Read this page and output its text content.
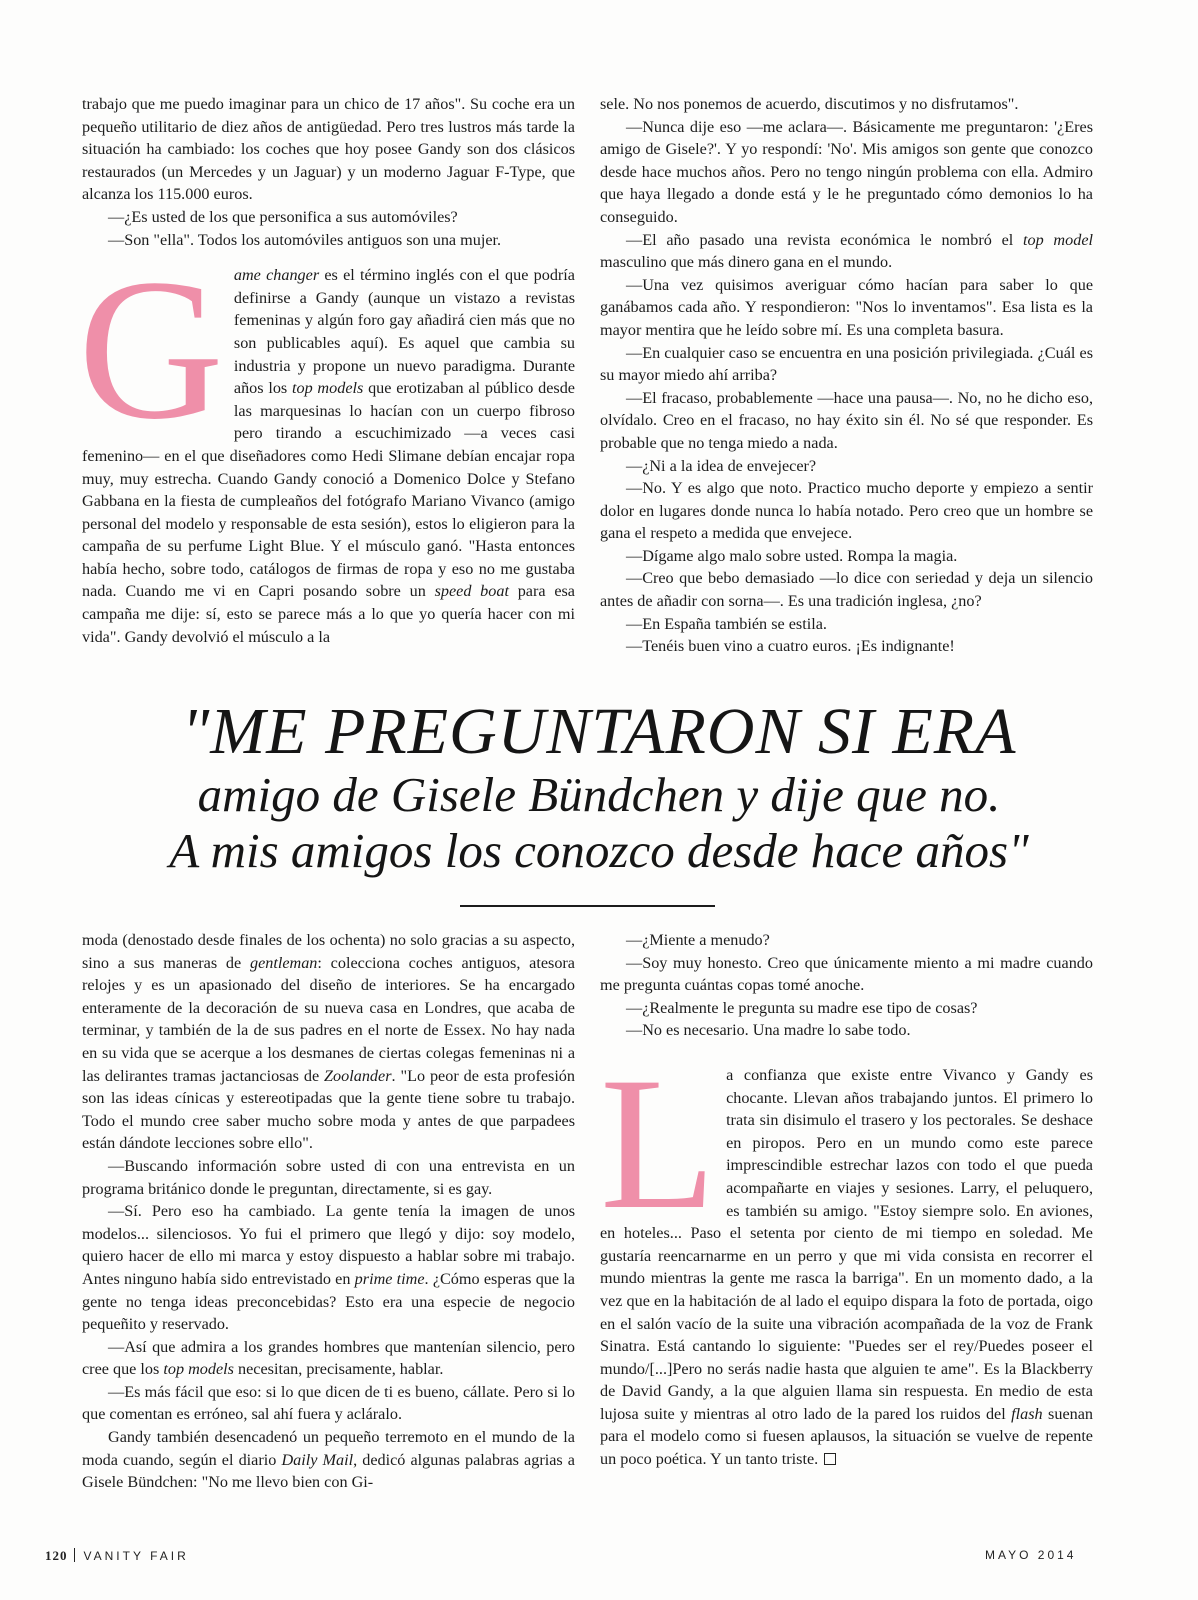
trabajo que me puedo imaginar para un chico de 17 años". Su coche era un pequeño utilitario de diez años de antigüedad. Pero tres lustros más tarde la situación ha cambiado: los coches que hoy posee Gandy son dos clásicos restaurados (un Mercedes y un Jaguar) y un moderno Jaguar F-Type, que alcanza los 115.000 euros.

—¿Es usted de los que personifica a sus automóviles?

—Son "ella". Todos los automóviles antiguos son una mujer.

Game changer es el término inglés con el que podría definirse a Gandy (aunque un vistazo a revistas femeninas y algún foro gay añadirá cien más que no son publicables aquí). Es aquel que cambia su industria y propone un nuevo paradigma. Durante años los top models que erotizaban al público desde las marquesinas lo hacían con un cuerpo fibroso pero tirando a escuchimizado —a veces casi femenino— en el que diseñadores como Hedi Slimane debían encajar ropa muy, muy estrecha. Cuando Gandy conoció a Domenico Dolce y Stefano Gabbana en la fiesta de cumpleaños del fotógrafo Mariano Vivanco (amigo personal del modelo y responsable de esta sesión), estos lo eligieron para la campaña de su perfume Light Blue. Y el músculo ganó. "Hasta entonces había hecho, sobre todo, catálogos de firmas de ropa y eso no me gustaba nada. Cuando me vi en Capri posando sobre un speed boat para esa campaña me dije: sí, esto se parece más a lo que yo quería hacer con mi vida". Gandy devolvió el músculo a la

sele. No nos ponemos de acuerdo, discutimos y no disfrutamos".

—Nunca dije eso —me aclara—. Básicamente me preguntaron: '¿Eres amigo de Gisele?'. Y yo respondí: 'No'. Mis amigos son gente que conozco desde hace muchos años. Pero no tengo ningún problema con ella. Admiro que haya llegado a donde está y le he preguntado cómo demonios lo ha conseguido.

—El año pasado una revista económica le nombró el top model masculino que más dinero gana en el mundo.

—Una vez quisimos averiguar cómo hacían para saber lo que ganábamos cada año. Y respondieron: "Nos lo inventamos". Esa lista es la mayor mentira que he leído sobre mí. Es una completa basura.

—En cualquier caso se encuentra en una posición privilegiada. ¿Cuál es su mayor miedo ahí arriba?

—El fracaso, probablemente —hace una pausa—. No, no he dicho eso, olvídalo. Creo en el fracaso, no hay éxito sin él. No sé que responder. Es probable que no tenga miedo a nada.

—¿Ni a la idea de envejecer?

—No. Y es algo que noto. Practico mucho deporte y empiezo a sentir dolor en lugares donde nunca lo había notado. Pero creo que un hombre se gana el respeto a medida que envejece.

—Dígame algo malo sobre usted. Rompa la magia.

—Creo que bebo demasiado —lo dice con seriedad y deja un silencio antes de añadir con sorna—. Es una tradición inglesa, ¿no?

—En España también se estila.

—Tenéis buen vino a cuatro euros. ¡Es indignante!

"ME PREGUNTARON SI ERA
amigo de Gisele Bündchen y dije que no.
A mis amigos los conozco desde hace años"

moda (denostado desde finales de los ochenta) no solo gracias a su aspecto, sino a sus maneras de gentleman: colecciona coches antiguos, atesora relojes y es un apasionado del diseño de interiores. Se ha encargado enteramente de la decoración de su nueva casa en Londres, que acaba de terminar, y también de la de sus padres en el norte de Essex. No hay nada en su vida que se acerque a los desmanes de ciertas colegas femeninas ni a las delirantes tramas jactanciosas de Zoolander. "Lo peor de esta profesión son las ideas cínicas y estereotipadas que la gente tiene sobre tu trabajo. Todo el mundo cree saber mucho sobre moda y antes de que parpadees están dándote lecciones sobre ello".

—Buscando información sobre usted di con una entrevista en un programa británico donde le preguntan, directamente, si es gay.

—Sí. Pero eso ha cambiado. La gente tenía la imagen de unos modelos... silenciosos. Yo fui el primero que llegó y dijo: soy modelo, quiero hacer de ello mi marca y estoy dispuesto a hablar sobre mi trabajo. Antes ninguno había sido entrevistado en prime time. ¿Cómo esperas que la gente no tenga ideas preconcebidas? Esto era una especie de negocio pequeñito y reservado.

—Así que admira a los grandes hombres que mantenían silencio, pero cree que los top models necesitan, precisamente, hablar.

—Es más fácil que eso: si lo que dicen de ti es bueno, cállate. Pero si lo que comentan es erróneo, sal ahí fuera y acláralo.

Gandy también desencadenó un pequeño terremoto en el mundo de la moda cuando, según el diario Daily Mail, dedicó algunas palabras agrias a Gisele Bündchen: "No me llevo bien con Gi-

—¿Miente a menudo?

—Soy muy honesto. Creo que únicamente miento a mi madre cuando me pregunta cuántas copas tomé anoche.

—¿Realmente le pregunta su madre ese tipo de cosas?

—No es necesario. Una madre lo sabe todo.

La confianza que existe entre Vivanco y Gandy es chocante. Llevan años trabajando juntos. El primero lo trata sin disimulo el trasero y los pectorales. Se deshace en piropos. Pero en un mundo como este parece imprescindible estrechar lazos con todo el que pueda acompañarte en viajes y sesiones. Larry, el peluquero, es también su amigo. "Estoy siempre solo. En aviones, en hoteles... Paso el setenta por ciento de mi tiempo en soledad. Me gustaría reencarnarme en un perro y que mi vida consista en recorrer el mundo mientras la gente me rasca la barriga". En un momento dado, a la vez que en la habitación de al lado el equipo dispara la foto de portada, oigo en el salón vacío de la suite una vibración acompañada de la voz de Frank Sinatra. Está cantando lo siguiente: "Puedes ser el rey/Puedes poseer el mundo/[...]Pero no serás nadie hasta que alguien te ame". Es la Blackberry de David Gandy, a la que alguien llama sin respuesta. En medio de esta lujosa suite y mientras al otro lado de la pared los ruidos del flash suenan para el modelo como si fuesen aplausos, la situación se vuelve de repente un poco poética. Y un tanto triste.

120 VANITY FAIR	MAYO 2014
